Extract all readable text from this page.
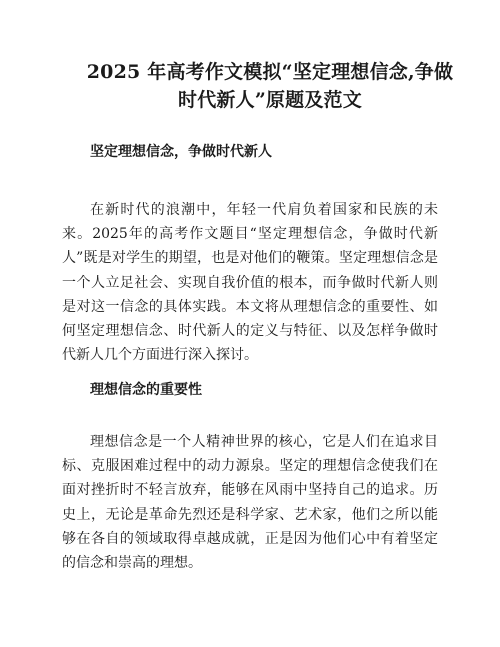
2025 年高考作文模拟“坚定理想信念,争做时代新人”原题及范文
坚定理想信念，争做时代新人

在新时代的浪潮中，年轻一代肩负着国家和民族的未来。2025年的高考作文题目“坚定理想信念，争做时代新人”既是对学生的期望，也是对他们的鞭策。坚定理想信念是一个人立足社会、实现自我价值的根本，而争做时代新人则是对这一信念的具体实践。本文将从理想信念的重要性、如何坚定理想信念、时代新人的定义与特征、以及怎样争做时代新人几个方面进行深入探讨。

理想信念的重要性

理想信念是一个人精神世界的核心，它是人们在追求目标、克服困难过程中的动力源泉。坚定的理想信念使我们在面对挫折时不轻言放弃，能够在风雨中坚持自己的追求。历史上，无论是革命先烈还是科学家、艺术家，他们之所以能够在各自的领域取得卓越成就，正是因为他们心中有着坚定的信念和崇高的理想。
